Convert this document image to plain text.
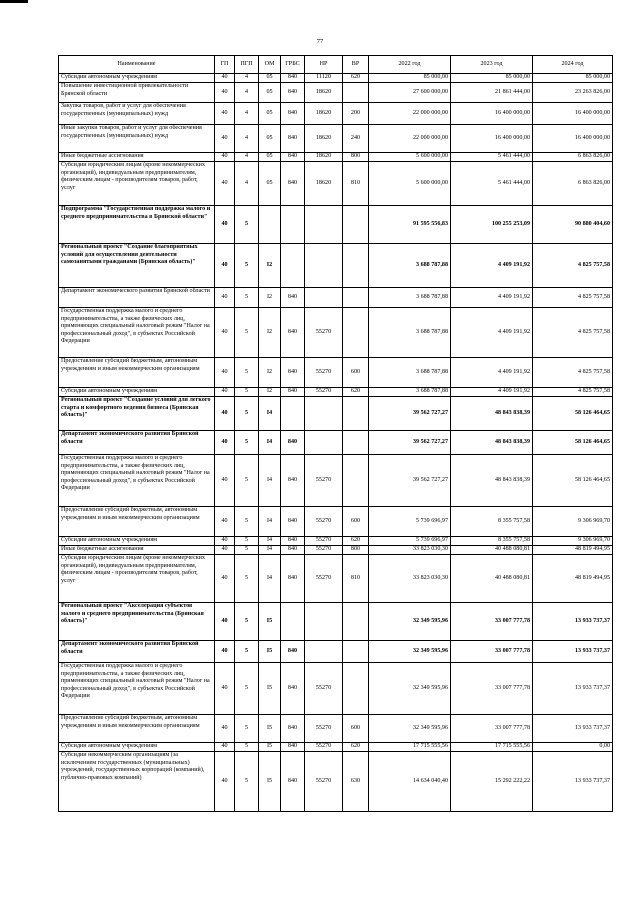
77
Наименование	ГП	ПГП	ОМ	ГРБС	НР	ВР	2022 год	2023 год	2024 год
Субсидии автономным учреждениям	40	4	05	840	11120	620	85 000,00	85 000,00	85 000,00
Повышение инвестиционной привлекательности Брянской области	40	4	05	840	18620		27 600 000,00	21 861 444,00	23 263 826,00
Закупка товаров, работ и услуг для обеспечения государственных (муниципальных) нужд	40	4	05	840	18620	200	22 000 000,00	16 400 000,00	16 400 000,00
Иные закупки товаров, работ и услуг для обеспечения государственных (муниципальных) нужд	40	4	05	840	18620	240	22 000 000,00	16 400 000,00	16 400 000,00
Иные бюджетные ассигнования	40	4	05	840	18620	800	5 600 000,00	5 461 444,00	6 863 826,00
Субсидии юридическим лицам (кроме некоммерческих организаций), индивидуальным предпринимателям, физическим лицам - производителям товаров, работ, услуг	40	4	05	840	18620	810	5 600 000,00	5 461 444,00	6 863 826,00
Подпрограмма "Государственная поддержка малого и среднего предпринимательства в Брянской области"	40	5					91 595 556,83	100 255 253,09	90 880 404,60
Региональный проект "Создание благоприятных условий для осуществления деятельности самозанятыми гражданами (Брянская область)"	40	5	I2				3 688 787,88	4 409 191,92	4 825 757,58
Департамент экономического развития Брянской области	40	5	I2	840			3 688 787,88	4 409 191,92	4 825 757,58
Государственная поддержка малого и среднего предпринимательства, а также физических лиц, применяющих специальный налоговый режим "Налог на профессиональный доход", в субъектах Российской Федерации	40	5	I2	840	55270		3 688 787,88	4 409 191,92	4 825 757,58
Предоставление субсидий бюджетным, автономным учреждениям и иным некоммерческим организациям	40	5	I2	840	55270	600	3 688 787,88	4 409 191,92	4 825 757,58
Субсидии автономным учреждениям	40	5	I2	840	55270	620	3 688 787,88	4 409 191,92	4 825 757,58
Региональный проект "Создание условий для легкого старта и комфортного ведения бизнеса (Брянская область)"	40	5	I4				39 562 727,27	48 843 838,39	58 126 464,65
Департамент экономического развития Брянской области	40	5	I4	840			39 562 727,27	48 843 838,39	58 126 464,65
Государственная поддержка малого и среднего предпринимательства, а также физических лиц, применяющих специальный налоговый режим "Налог на профессиональный доход", в субъектах Российской Федерации	40	5	I4	840	55270		39 562 727,27	48 843 838,39	58 126 464,65
Предоставление субсидий бюджетным, автономным учреждениям и иным некоммерческим организациям	40	5	I4	840	55270	600	5 739 696,97	8 355 757,58	9 306 969,70
Субсидии автономным учреждениям	40	5	I4	840	55270	620	5 739 696,97	8 355 757,58	9 306 969,70
Иные бюджетные ассигнования	40	5	I4	840	55270	800	33 823 030,30	40 488 080,81	48 819 494,95
Субсидии юридическим лицам (кроме некоммерческих организаций), индивидуальным предпринимателям, физическим лицам - производителям товаров, работ, услуг	40	5	I4	840	55270	810	33 823 030,30	40 488 080,81	48 819 494,95
Региональный проект "Акселерация субъектов малого и среднего предпринимательства (Брянская область)"	40	5	I5				32 349 595,96	33 007 777,78	13 933 737,37
Департамент экономического развития Брянской области	40	5	I5	840			32 349 595,96	33 007 777,78	13 933 737,37
Государственная поддержка малого и среднего предпринимательства, а также физических лиц, применяющих специальный налоговый режим "Налог на профессиональный доход", в субъектах Российской Федерации	40	5	I5	840	55270		32 349 595,96	33 007 777,78	13 933 737,37
Предоставление субсидий бюджетным, автономным учреждениям и иным некоммерческим организациям	40	5	I5	840	55270	600	32 349 595,96	33 007 777,78	13 933 737,37
Субсидии автономным учреждениям	40	5	I5	840	55270	620	17 715 555,56	17 715 555,56	0,00
Субсидии некоммерческим организациям (за исключением государственных (муниципальных) учреждений, государственных корпораций (компаний), публично-правовых компаний)	40	5	I5	840	55270	630	14 634 040,40	15 292 222,22	13 933 737,37
